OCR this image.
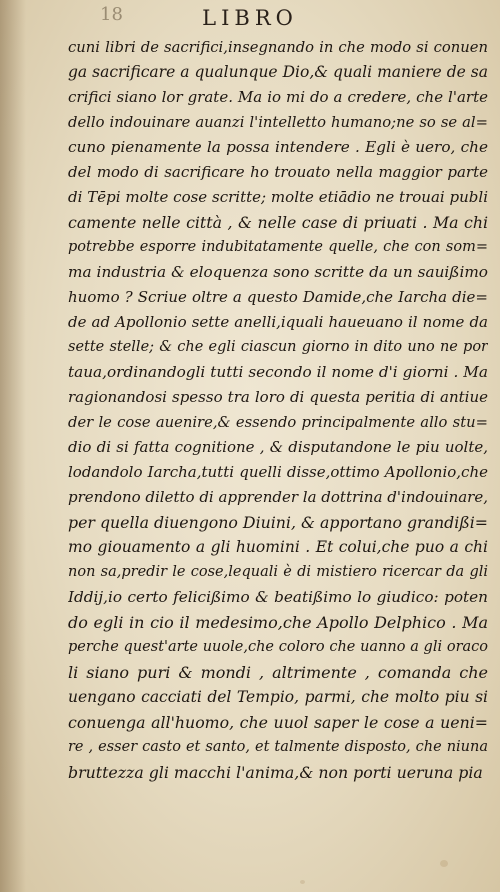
18	LIBRO
cuni libri de sacrifici,insegnando in che modo si conuen
ga sacrificare a qualunque Dio,& quali maniere de sa
crifici siano lor grate. Ma io mi do a credere, che l'arte
dello indouinare auanzi l'intelletto humano;ne so se al=
cuno pienamente la possa intendere . Egli è uero, che
del modo di sacrificare ho trouato nella maggior parte
di Tēpi molte cose scritte; molte etiādio ne trouai publi
camente nelle città , & nelle case di priuati . Ma chi
potrebbe esporre indubitatamente quelle, che con som=
ma industria & eloquenza sono scritte da un sauißimo
huomo ? Scriue oltre a questo Damide,che Iarcha die=
de ad Apollonio sette anelli,iquali haueuano il nome da
sette stelle; & che egli ciascun giorno in dito uno ne por
taua,ordinandogli tutti secondo il nome d'i giorni . Ma
ragionandosi spesso tra loro di questa peritia di antiue
der le cose auenire,& essendo principalmente allo stu=
dio di si fatta cognitione , & disputandone le piu uolte,
lodandolo Iarcha,tutti quelli disse,ottimo Apollonio,che
prendono diletto di apprender la dottrina d'indouinare,
per quella diuengono Diuini, & apportano grandißi=
mo giouamento a gli huomini . Et colui,che puo a chi
non sa,predir le cose,lequali è di mistiero ricercar da gli
Iddij,io certo felicißimo & beatißimo lo giudico: poten
do egli in cio il medesimo,che Apollo Delphico . Ma
perche quest'arte uuole,che coloro che uanno a gli oraco
li siano puri & mondi , altrimente , comanda che
uengano cacciati del Tempio, parmi, che molto piu si
conuenga all'huomo, che uuol saper le cose a ueni=
re , esser casto et santo, et talmente disposto, che niuna
bruttezza gli macchi l'anima,& non porti ueruna pia
